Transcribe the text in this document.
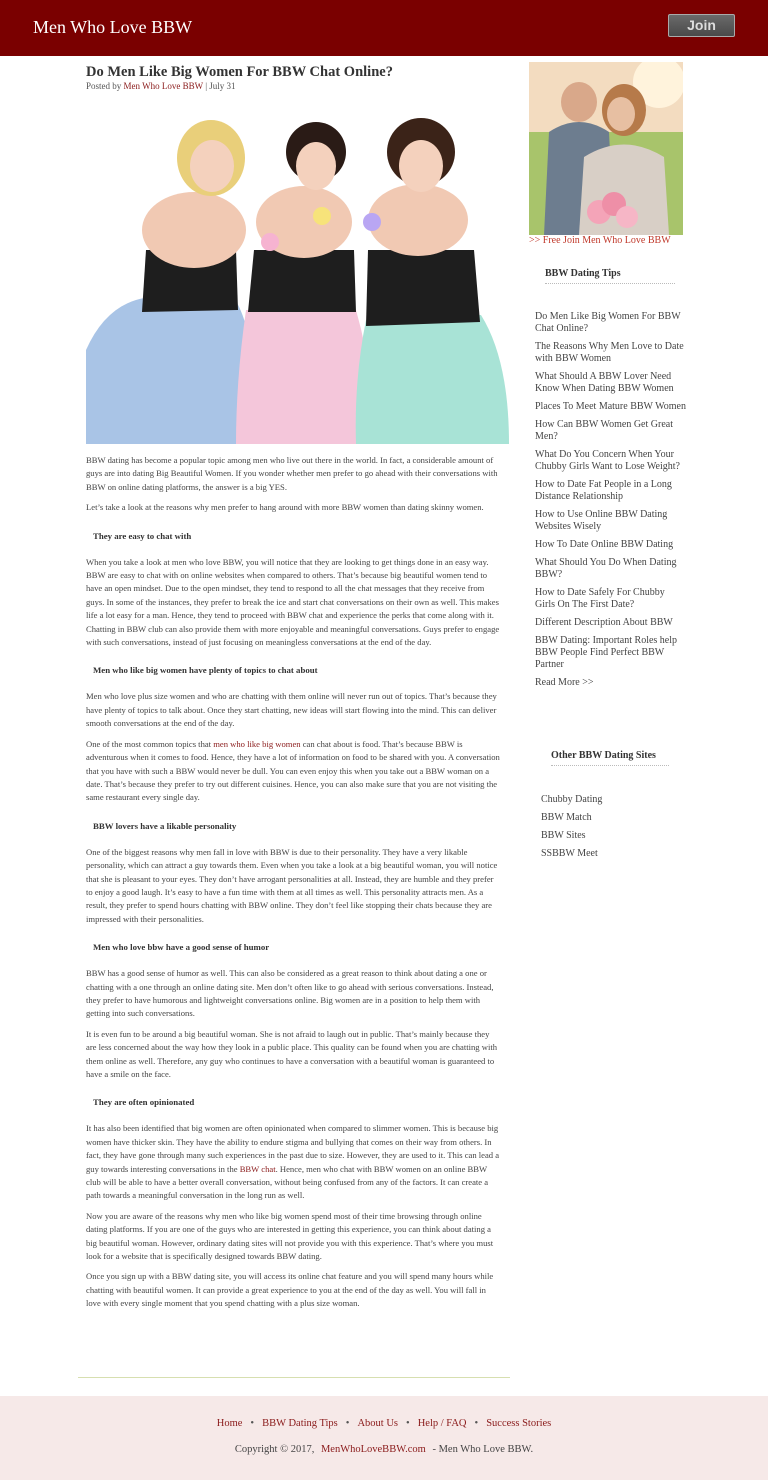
Men Who Love BBW	Join
Do Men Like Big Women For BBW Chat Online?
Posted by Men Who Love BBW | July 31

BBW dating has become a popular topic among men who live out there in the world. In fact, a considerable amount of guys are into dating Big Beautiful Women. If you wonder whether men prefer to go ahead with their conversations with BBW on online dating platforms, the answer is a big YES.

Let’s take a look at the reasons why men prefer to hang around with more BBW women than dating skinny women.

They are easy to chat with

When you take a look at men who love BBW, you will notice that they are looking to get things done in an easy way. BBW are easy to chat with on online websites when compared to others. That’s because big beautiful women tend to have an open mindset. Due to the open mindset, they tend to respond to all the chat messages that they receive from guys. In some of the instances, they prefer to break the ice and start chat conversations on their own as well. This makes life a lot easy for a man. Hence, they tend to proceed with BBW chat and experience the perks that come along with it. Chatting in BBW club can also provide them with more enjoyable and meaningful conversations. Guys prefer to engage with such conversations, instead of just focusing on meaningless conversations at the end of the day.

Men who like big women have plenty of topics to chat about

Men who love plus size women and who are chatting with them online will never run out of topics. That’s because they have plenty of topics to talk about. Once they start chatting, new ideas will start flowing into the mind. This can deliver smooth conversations at the end of the day.

One of the most common topics that men who like big women can chat about is food. That’s because BBW is adventurous when it comes to food. Hence, they have a lot of information on food to be shared with you. A conversation that you have with such a BBW would never be dull. You can even enjoy this when you take out a BBW woman on a date. That’s because they prefer to try out different cuisines. Hence, you can also make sure that you are not visiting the same restaurant every single day.

BBW lovers have a likable personality

One of the biggest reasons why men fall in love with BBW is due to their personality. They have a very likable personality, which can attract a guy towards them. Even when you take a look at a big beautiful woman, you will notice that she is pleasant to your eyes. They don’t have arrogant personalities at all. Instead, they are humble and they prefer to enjoy a good laugh. It’s easy to have a fun time with them at all times as well. This personality attracts men. As a result, they prefer to spend hours chatting with BBW online. They don’t feel like stopping their chats because they are impressed with their personalities.

Men who love bbw have a good sense of humor

BBW has a good sense of humor as well. This can also be considered as a great reason to think about dating a one or chatting with a one through an online dating site. Men don’t often like to go ahead with serious conversations. Instead, they prefer to have humorous and lightweight conversations online. Big women are in a position to help them with getting into such conversations.

It is even fun to be around a big beautiful woman. She is not afraid to laugh out in public. That’s mainly because they are less concerned about the way how they look in a public place. This quality can be found when you are chatting with them online as well. Therefore, any guy who continues to have a conversation with a beautiful woman is guaranteed to have a smile on the face.

They are often opinionated

It has also been identified that big women are often opinionated when compared to slimmer women. This is because big women have thicker skin. They have the ability to endure stigma and bullying that comes on their way from others. In fact, they have gone through many such experiences in the past due to size. However, they are used to it. This can lead a guy towards interesting conversations in the BBW chat. Hence, men who chat with BBW women on an online BBW club will be able to have a better overall conversation, without being confused from any of the factors. It can create a path towards a meaningful conversation in the long run as well.

Now you are aware of the reasons why men who like big women spend most of their time browsing through online dating platforms. If you are one of the guys who are interested in getting this experience, you can think about dating a big beautiful woman. However, ordinary dating sites will not provide you with this experience. That’s where you must look for a website that is specifically designed towards BBW dating.

Once you sign up with a BBW dating site, you will access its online chat feature and you will spend many hours while chatting with beautiful women. It can provide a great experience to you at the end of the day as well. You will fall in love with every single moment that you spend chatting with a plus size woman.

>> Free Join Men Who Love BBW
BBW Dating Tips
Do Men Like Big Women For BBW Chat Online?
The Reasons Why Men Love to Date with BBW Women
What Should A BBW Lover Need Know When Dating BBW Women
Places To Meet Mature BBW Women
How Can BBW Women Get Great Men?
What Do You Concern When Your Chubby Girls Want to Lose Weight?
How to Date Fat People in a Long Distance Relationship
How to Use Online BBW Dating Websites Wisely
How To Date Online BBW Dating
What Should You Do When Dating BBW?
How to Date Safely For Chubby Girls On The First Date?
Different Description About BBW
BBW Dating: Important Roles help BBW People Find Perfect BBW Partner
Read More >>
Other BBW Dating Sites
Chubby Dating
BBW Match
BBW Sites
SSBBW Meet
Home • BBW Dating Tips • About Us • Help / FAQ • Success Stories
Copyright © 2017, MenWhoLoveBBW.com - Men Who Love BBW.
